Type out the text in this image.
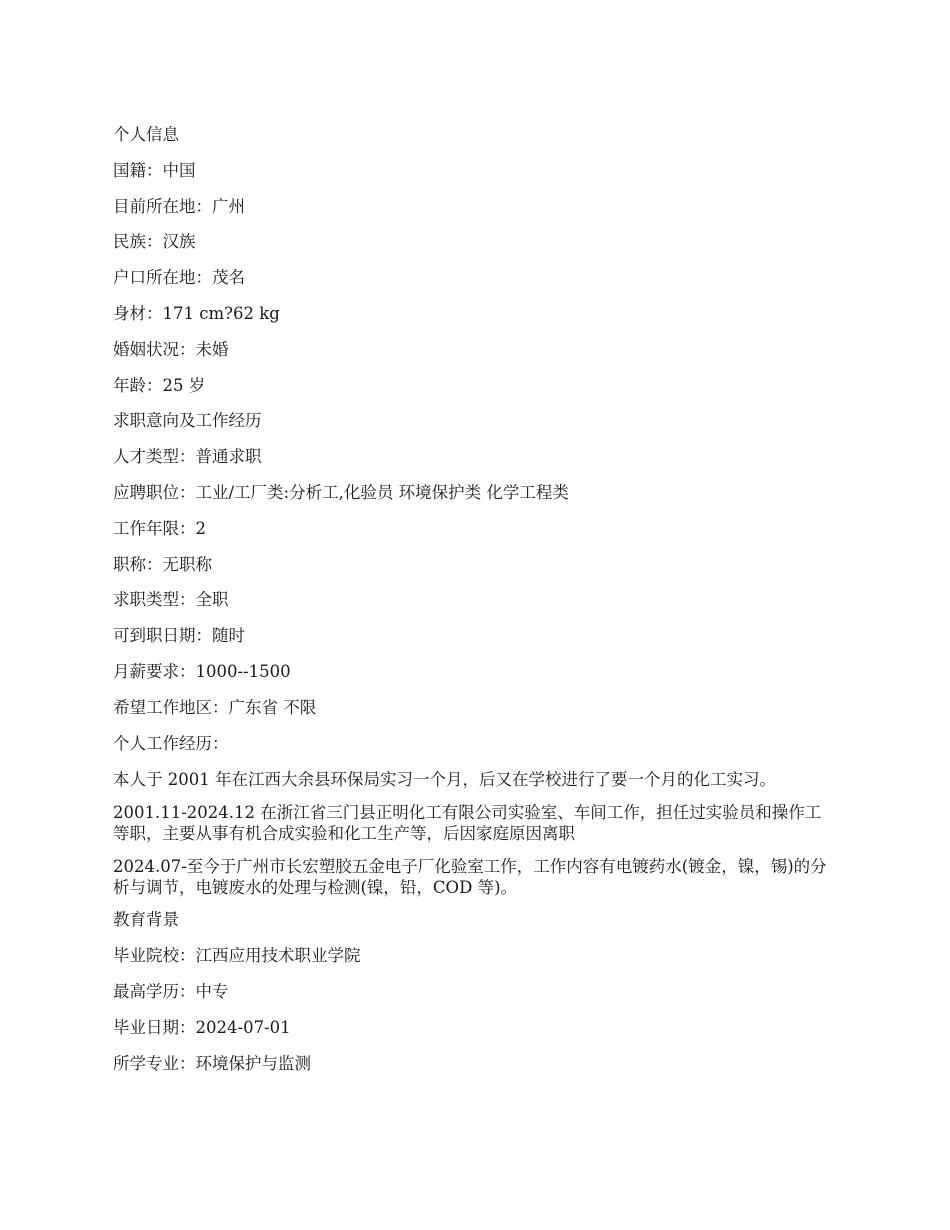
个人信息
国籍：中国
目前所在地：广州
民族：汉族
户口所在地：茂名
身材：171 cm?62 kg
婚姻状况：未婚
年龄：25 岁
求职意向及工作经历
人才类型：普通求职
应聘职位：工业/工厂类:分析工,化验员 环境保护类 化学工程类
工作年限：2
职称：无职称
求职类型：全职
可到职日期：随时
月薪要求：1000--1500
希望工作地区：广东省 不限
个人工作经历：
本人于 2001 年在江西大余县环保局实习一个月，后又在学校进行了要一个月的化工实习。
2001.11-2024.12 在浙江省三门县正明化工有限公司实验室、车间工作，担任过实验员和操作工等职，主要从事有机合成实验和化工生产等，后因家庭原因离职
2024.07-至今于广州市长宏塑胶五金电子厂化验室工作，工作内容有电镀药水(镀金，镍，锡)的分析与调节，电镀废水的处理与检测(镍，铅，COD 等)。
教育背景
毕业院校：江西应用技术职业学院
最高学历：中专
毕业日期：2024-07-01
所学专业：环境保护与监测
